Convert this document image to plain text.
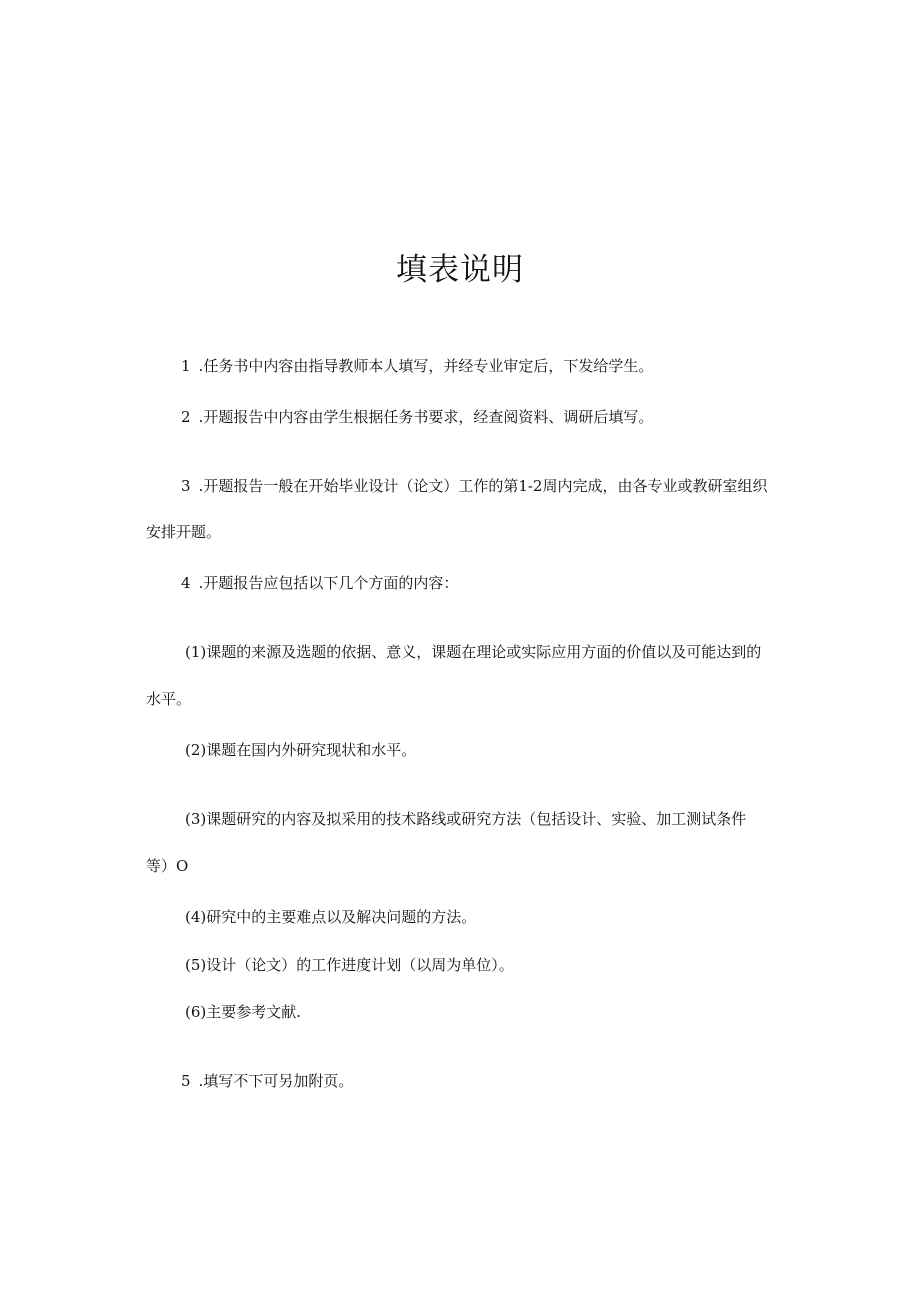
填表说明
1 .任务书中内容由指导教师本人填写，并经专业审定后，下发给学生。
2 .开题报告中内容由学生根据任务书要求，经查阅资料、调研后填写。
3 .开题报告一般在开始毕业设计（论文）工作的第1-2周内完成，由各专业或教研室组织
安排开题。
4 .开题报告应包括以下几个方面的内容：
(1)课题的来源及选题的依据、意义，课题在理论或实际应用方面的价值以及可能达到的
水平。
(2)课题在国内外研究现状和水平。
(3)课题研究的内容及拟采用的技术路线或研究方法（包括设计、实验、加工测试条件
等）O
(4)研究中的主要难点以及解决问题的方法。
(5)设计（论文）的工作进度计划（以周为单位）。
(6)主要参考文献.
5 .填写不下可另加附页。
